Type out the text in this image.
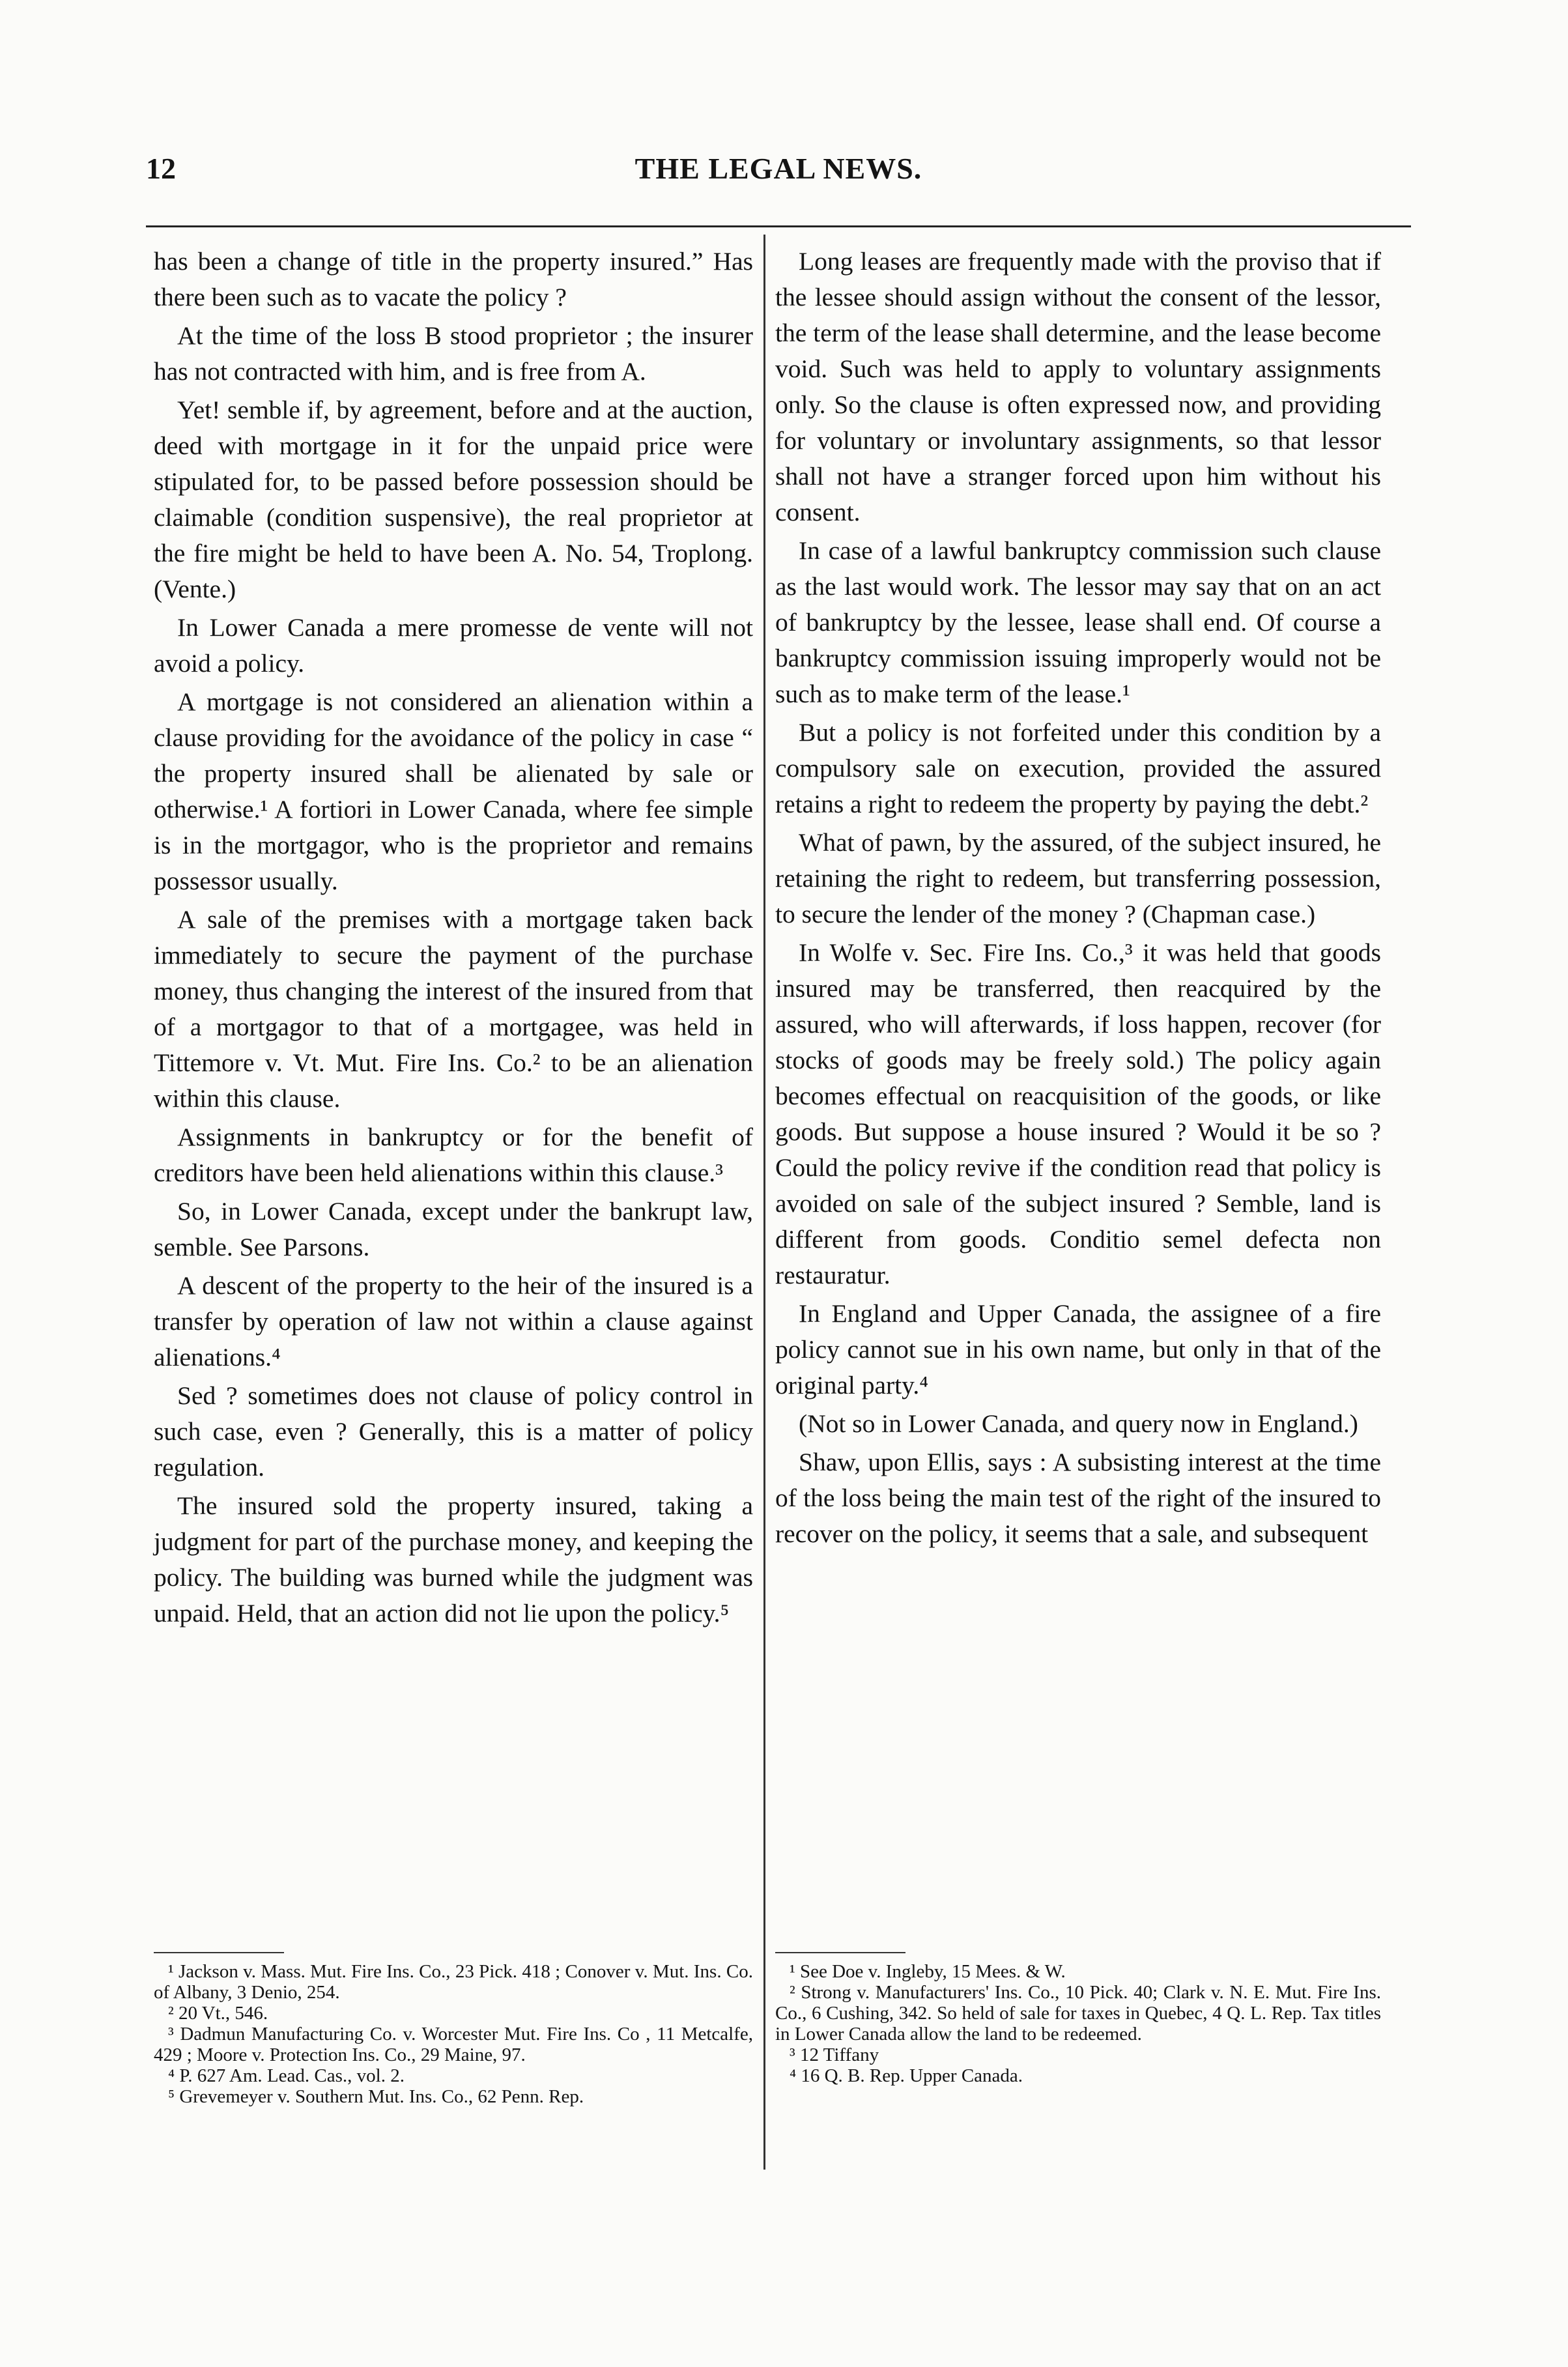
12	THE LEGAL NEWS.

has been a change of title in the property insured.” Has there been such as to vacate the policy ?

At the time of the loss B stood proprietor ; the insurer has not contracted with him, and is free from A.

Yet! semble if, by agreement, before and at the auction, deed with mortgage in it for the unpaid price were stipulated for, to be passed before possession should be claimable (condition suspensive), the real proprietor at the fire might be held to have been A. No. 54, Troplong. (Vente.)

In Lower Canada a mere promesse de vente will not avoid a policy.

A mortgage is not considered an alienation within a clause providing for the avoidance of the policy in case “ the property insured shall be alienated by sale or otherwise.¹ A fortiori in Lower Canada, where fee simple is in the mortgagor, who is the proprietor and remains possessor usually.

A sale of the premises with a mortgage taken back immediately to secure the payment of the purchase money, thus changing the interest of the insured from that of a mortgagor to that of a mortgagee, was held in Tittemore v. Vt. Mut. Fire Ins. Co.² to be an alienation within this clause.

Assignments in bankruptcy or for the benefit of creditors have been held alienations within this clause.³

So, in Lower Canada, except under the bankrupt law, semble. See Parsons.

A descent of the property to the heir of the insured is a transfer by operation of law not within a clause against alienations.⁴

Sed ? sometimes does not clause of policy control in such case, even ? Generally, this is a matter of policy regulation.

The insured sold the property insured, taking a judgment for part of the purchase money, and keeping the policy. The building was burned while the judgment was unpaid. Held, that an action did not lie upon the policy.⁵

Long leases are frequently made with the proviso that if the lessee should assign without the consent of the lessor, the term of the lease shall determine, and the lease become void. Such was held to apply to voluntary assignments only. So the clause is often expressed now, and providing for voluntary or involuntary assignments, so that lessor shall not have a stranger forced upon him without his consent.

In case of a lawful bankruptcy commission such clause as the last would work. The lessor may say that on an act of bankruptcy by the lessee, lease shall end. Of course a bankruptcy commission issuing improperly would not be such as to make term of the lease.¹

But a policy is not forfeited under this condition by a compulsory sale on execution, provided the assured retains a right to redeem the property by paying the debt.²

What of pawn, by the assured, of the subject insured, he retaining the right to redeem, but transferring possession, to secure the lender of the money ? (Chapman case.)

In Wolfe v. Sec. Fire Ins. Co.,³ it was held that goods insured may be transferred, then reacquired by the assured, who will afterwards, if loss happen, recover (for stocks of goods may be freely sold.) The policy again becomes effectual on reacquisition of the goods, or like goods. But suppose a house insured ? Would it be so ? Could the policy revive if the condition read that policy is avoided on sale of the subject insured ? Semble, land is different from goods. Conditio semel defecta non restauratur.

In England and Upper Canada, the assignee of a fire policy cannot sue in his own name, but only in that of the original party.⁴

(Not so in Lower Canada, and query now in England.)

Shaw, upon Ellis, says : A subsisting interest at the time of the loss being the main test of the right of the insured to recover on the policy, it seems that a sale, and subsequent

¹ Jackson v. Mass. Mut. Fire Ins. Co., 23 Pick. 418 ; Conover v. Mut. Ins. Co. of Albany, 3 Denio, 254.

² 20 Vt., 546.

³ Dadmun Manufacturing Co. v. Worcester Mut. Fire Ins. Co , 11 Metcalfe, 429 ; Moore v. Protection Ins. Co., 29 Maine, 97.

⁴ P. 627 Am. Lead. Cas., vol. 2.

⁵ Grevemeyer v. Southern Mut. Ins. Co., 62 Penn. Rep.

¹ See Doe v. Ingleby, 15 Mees. & W.

² Strong v. Manufacturers' Ins. Co., 10 Pick. 40; Clark v. N. E. Mut. Fire Ins. Co., 6 Cushing, 342. So held of sale for taxes in Quebec, 4 Q. L. Rep. Tax titles in Lower Canada allow the land to be redeemed.

³ 12 Tiffany

⁴ 16 Q. B. Rep. Upper Canada.
